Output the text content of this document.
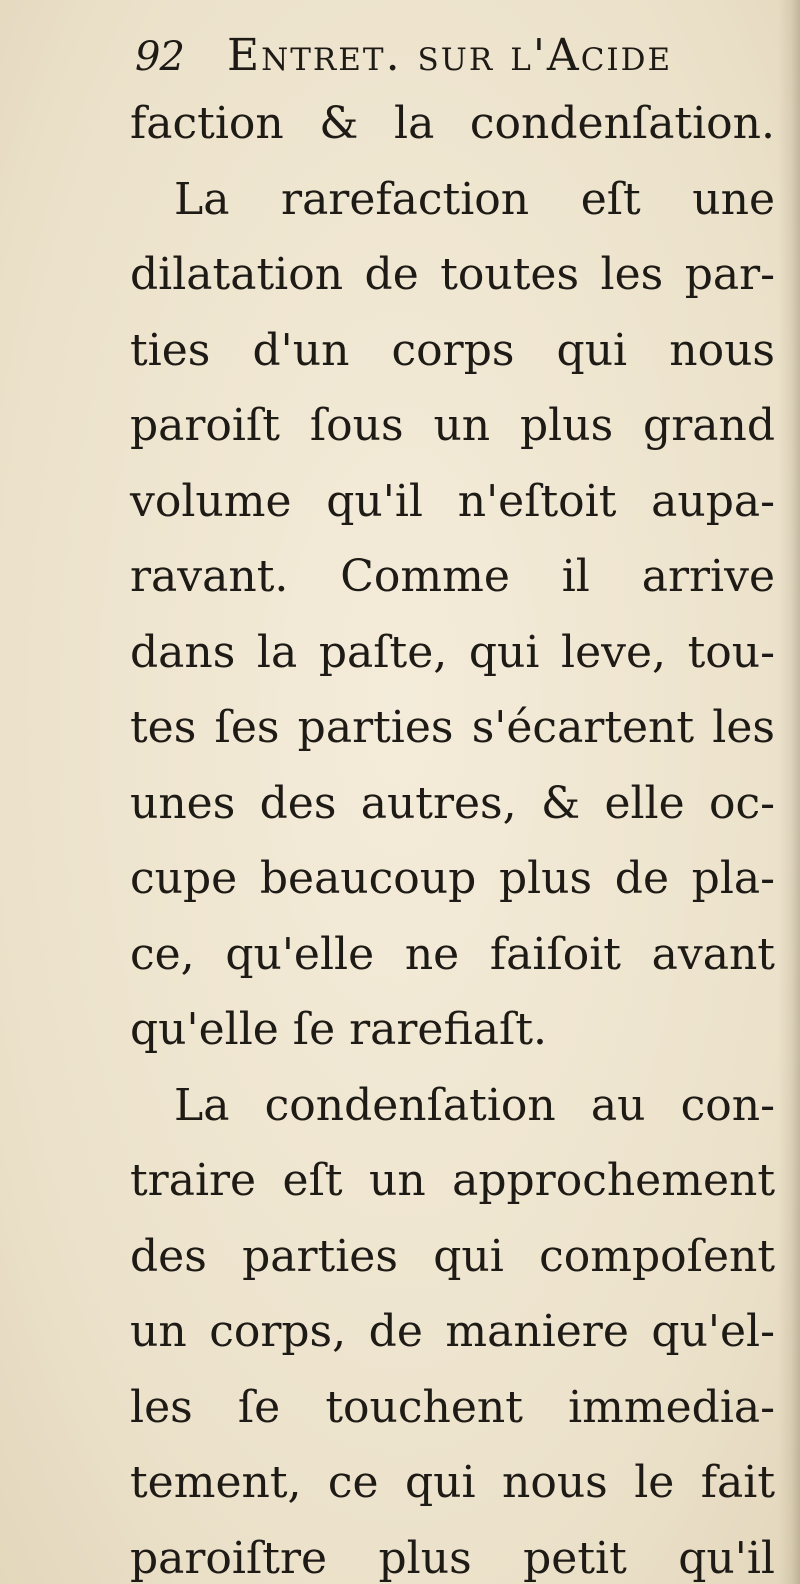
92 Entret. sur l'Acide
faction & la condenſation.
La rarefaction eſt une
dilatation de toutes les par-
ties d'un corps qui nous
paroiſt ſous un plus grand
volume qu'il n'eſtoit aupa-
ravant. Comme il arrive
dans la paſte, qui leve, tou-
tes ſes parties s'écartent les
unes des autres, & elle oc-
cupe beaucoup plus de pla-
ce, qu'elle ne faiſoit avant
qu'elle ſe rarefiaſt.
La condenſation au con-
traire eſt un approchement
des parties qui compoſent
un corps, de maniere qu'el-
les ſe touchent immedia-
tement, ce qui nous le fait
paroiſtre plus petit qu'il
